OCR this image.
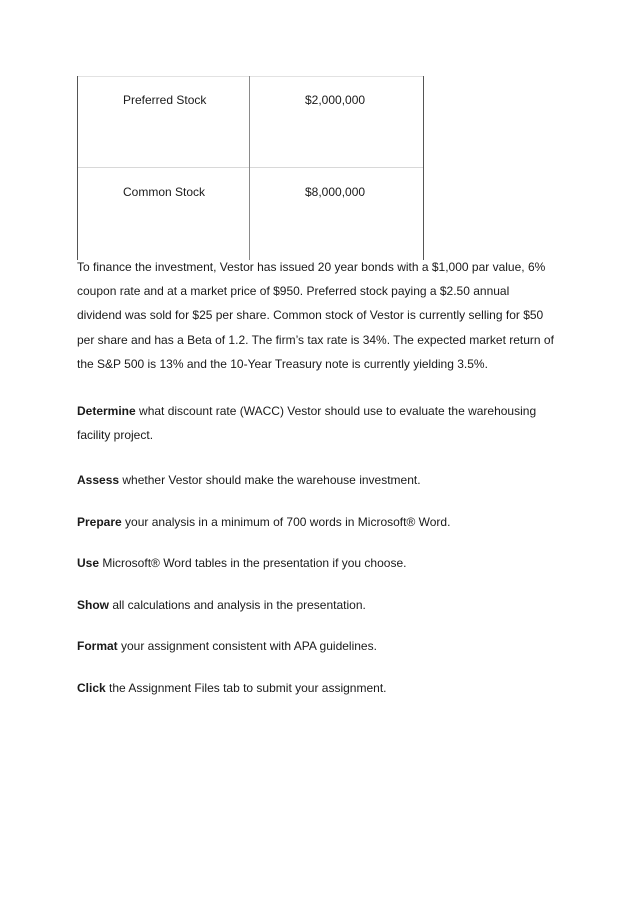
Preferred Stock	$2,000,000
Common Stock	$8,000,000

To finance the investment, Vestor has issued 20 year bonds with a $1,000 par value, 6% coupon rate and at a market price of $950. Preferred stock paying a $2.50 annual dividend was sold for $25 per share. Common stock of Vestor is currently selling for $50 per share and has a Beta of 1.2. The firm’s tax rate is 34%. The expected market return of the S&P 500 is 13% and the 10-Year Treasury note is currently yielding 3.5%.

Determine what discount rate (WACC) Vestor should use to evaluate the warehousing facility project.

Assess whether Vestor should make the warehouse investment.

Prepare your analysis in a minimum of 700 words in Microsoft® Word.

Use Microsoft® Word tables in the presentation if you choose.

Show all calculations and analysis in the presentation.

Format your assignment consistent with APA guidelines.

Click the Assignment Files tab to submit your assignment.
